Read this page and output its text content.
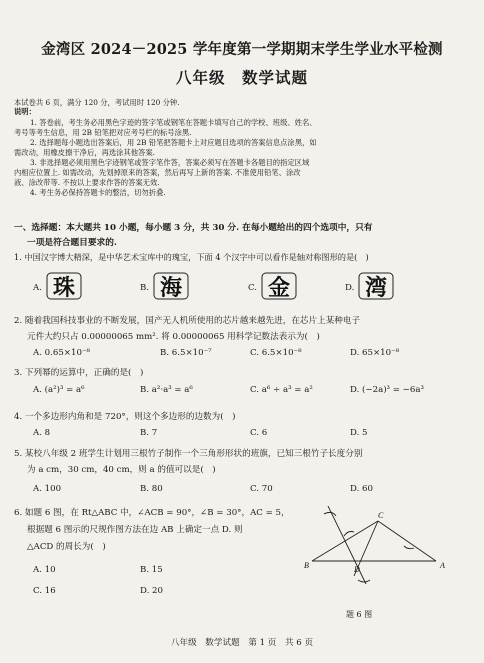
金湾区 2024－2025 学年度第一学期期末学生学业水平检测
八年级　数学试题
本试卷共 6 页，满分 120 分，考试用时 120 分钟.
说明：
1. 答卷前，考生务必用黑色字迹的签字笔或钢笔在答题卡填写自己的学校、班级、姓名、
考号等考生信息，用 2B 铅笔把对应考号栏的标号涂黑.
2. 选择题每小题选出答案后，用 2B 铅笔把答题卡上对应题目选项的答案信息点涂黑，如
需改动，用橡皮擦干净后，再选涂其他答案.
3. 非选择题必须用黑色字迹钢笔或签字笔作答，答案必须写在答题卡各题目的指定区域
内相应位置上. 如需改动，先划掉原来的答案，然后再写上新的答案. 不准使用铅笔、涂改
液、涂改带等. 不按以上要求作答的答案无效.
4. 考生务必保持答题卡的整洁，切勿折叠.
一、选择题：本大题共 10 小题，每小题 3 分，共 30 分. 在每小题给出的四个选项中，只有
一项是符合题目要求的.
1. 中国汉字博大精深，是中华艺术宝库中的瑰宝，下面 4 个汉字中可以看作是轴对称图形的是(　)
A. 珠	B. 海	C. 金	D. 湾
2. 随着我国科技事业的不断发展，国产无人机所使用的芯片越来越先进，在芯片上某种电子
元件大约只占 0.00000065 mm². 将 0.00000065 用科学记数法表示为(　)
A. 0.65×10⁻⁸	B. 6.5×10⁻⁷	C. 6.5×10⁻⁸	D. 65×10⁻⁸
3. 下列幂的运算中，正确的是(　)
A. (a²)³ = a⁶	B. a²·a³ = a⁶	C. a⁶ ÷ a³ = a²	D. (−2a)³ = −6a³
4. 一个多边形内角和是 720°，则这个多边形的边数为(　)
A. 8	B. 7	C. 6	D. 5
5. 某校八年级 2 班学生计划用三根竹子制作一个三角形形状的班旗，已知三根竹子长度分别
为 a cm，30 cm，40 cm，则 a 的值可以是(　)
A. 100	B. 80	C. 70	D. 60
6. 如题 6 图，在 Rt△ABC 中，∠ACB = 90°，∠B = 30°，AC = 5，
根据题 6 图示的尺规作图方法在边 AB 上确定一点 D. 则
△ACD 的周长为(　)
A. 10	B. 15
C. 16	D. 20
C
B	D	A
题 6 图
八年级　数学试题　第 1 页　共 6 页
